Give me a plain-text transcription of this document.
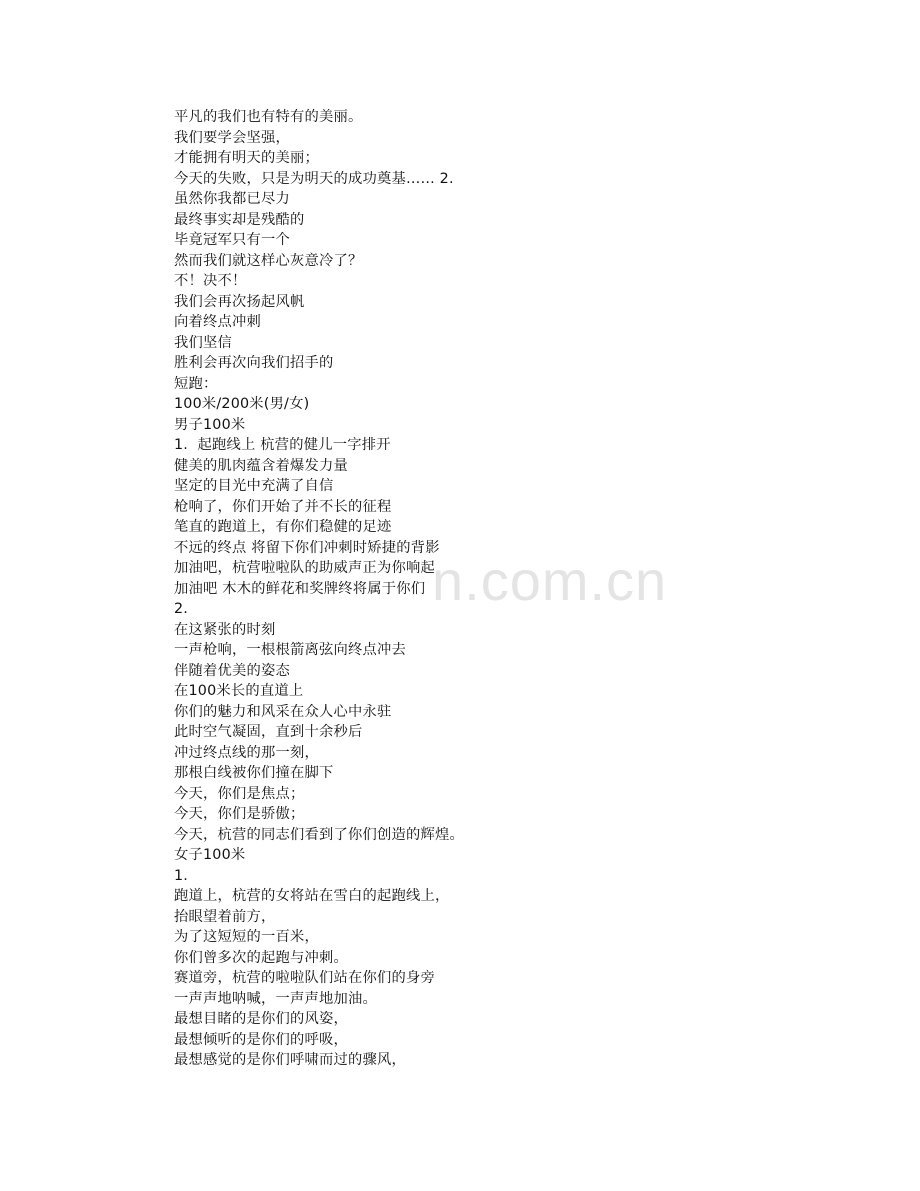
n.com.cn
平凡的我们也有特有的美丽。
我们要学会坚强，
才能拥有明天的美丽；
今天的失败，只是为明天的成功奠基…… 2.
虽然你我都已尽力
最终事实却是残酷的
毕竟冠军只有一个
然而我们就这样心灰意冷了？
不！决不！
我们会再次扬起风帆
向着终点冲刺
我们坚信
胜利会再次向我们招手的
短跑：
100米/200米(男/女)
男子100米
1.  起跑线上 杭营的健儿一字排开
健美的肌肉蕴含着爆发力量
坚定的目光中充满了自信
枪响了，你们开始了并不长的征程
笔直的跑道上，有你们稳健的足迹
不远的终点 将留下你们冲刺时矫捷的背影
加油吧，杭营啦啦队的助威声正为你响起
加油吧 木木的鲜花和奖牌终将属于你们
2.
在这紧张的时刻
一声枪响，一根根箭离弦向终点冲去
伴随着优美的姿态
在100米长的直道上
你们的魅力和风采在众人心中永驻
此时空气凝固，直到十余秒后
冲过终点线的那一刻，
那根白线被你们撞在脚下
今天，你们是焦点；
今天，你们是骄傲；
今天，杭营的同志们看到了你们创造的辉煌。
女子100米
1.
跑道上，杭营的女将站在雪白的起跑线上，
抬眼望着前方，
为了这短短的一百米，
你们曾多次的起跑与冲刺。
赛道旁，杭营的啦啦队们站在你们的身旁
一声声地呐喊，一声声地加油。
最想目睹的是你们的风姿，
最想倾听的是你们的呼吸，
最想感觉的是你们呼啸而过的骤风，
